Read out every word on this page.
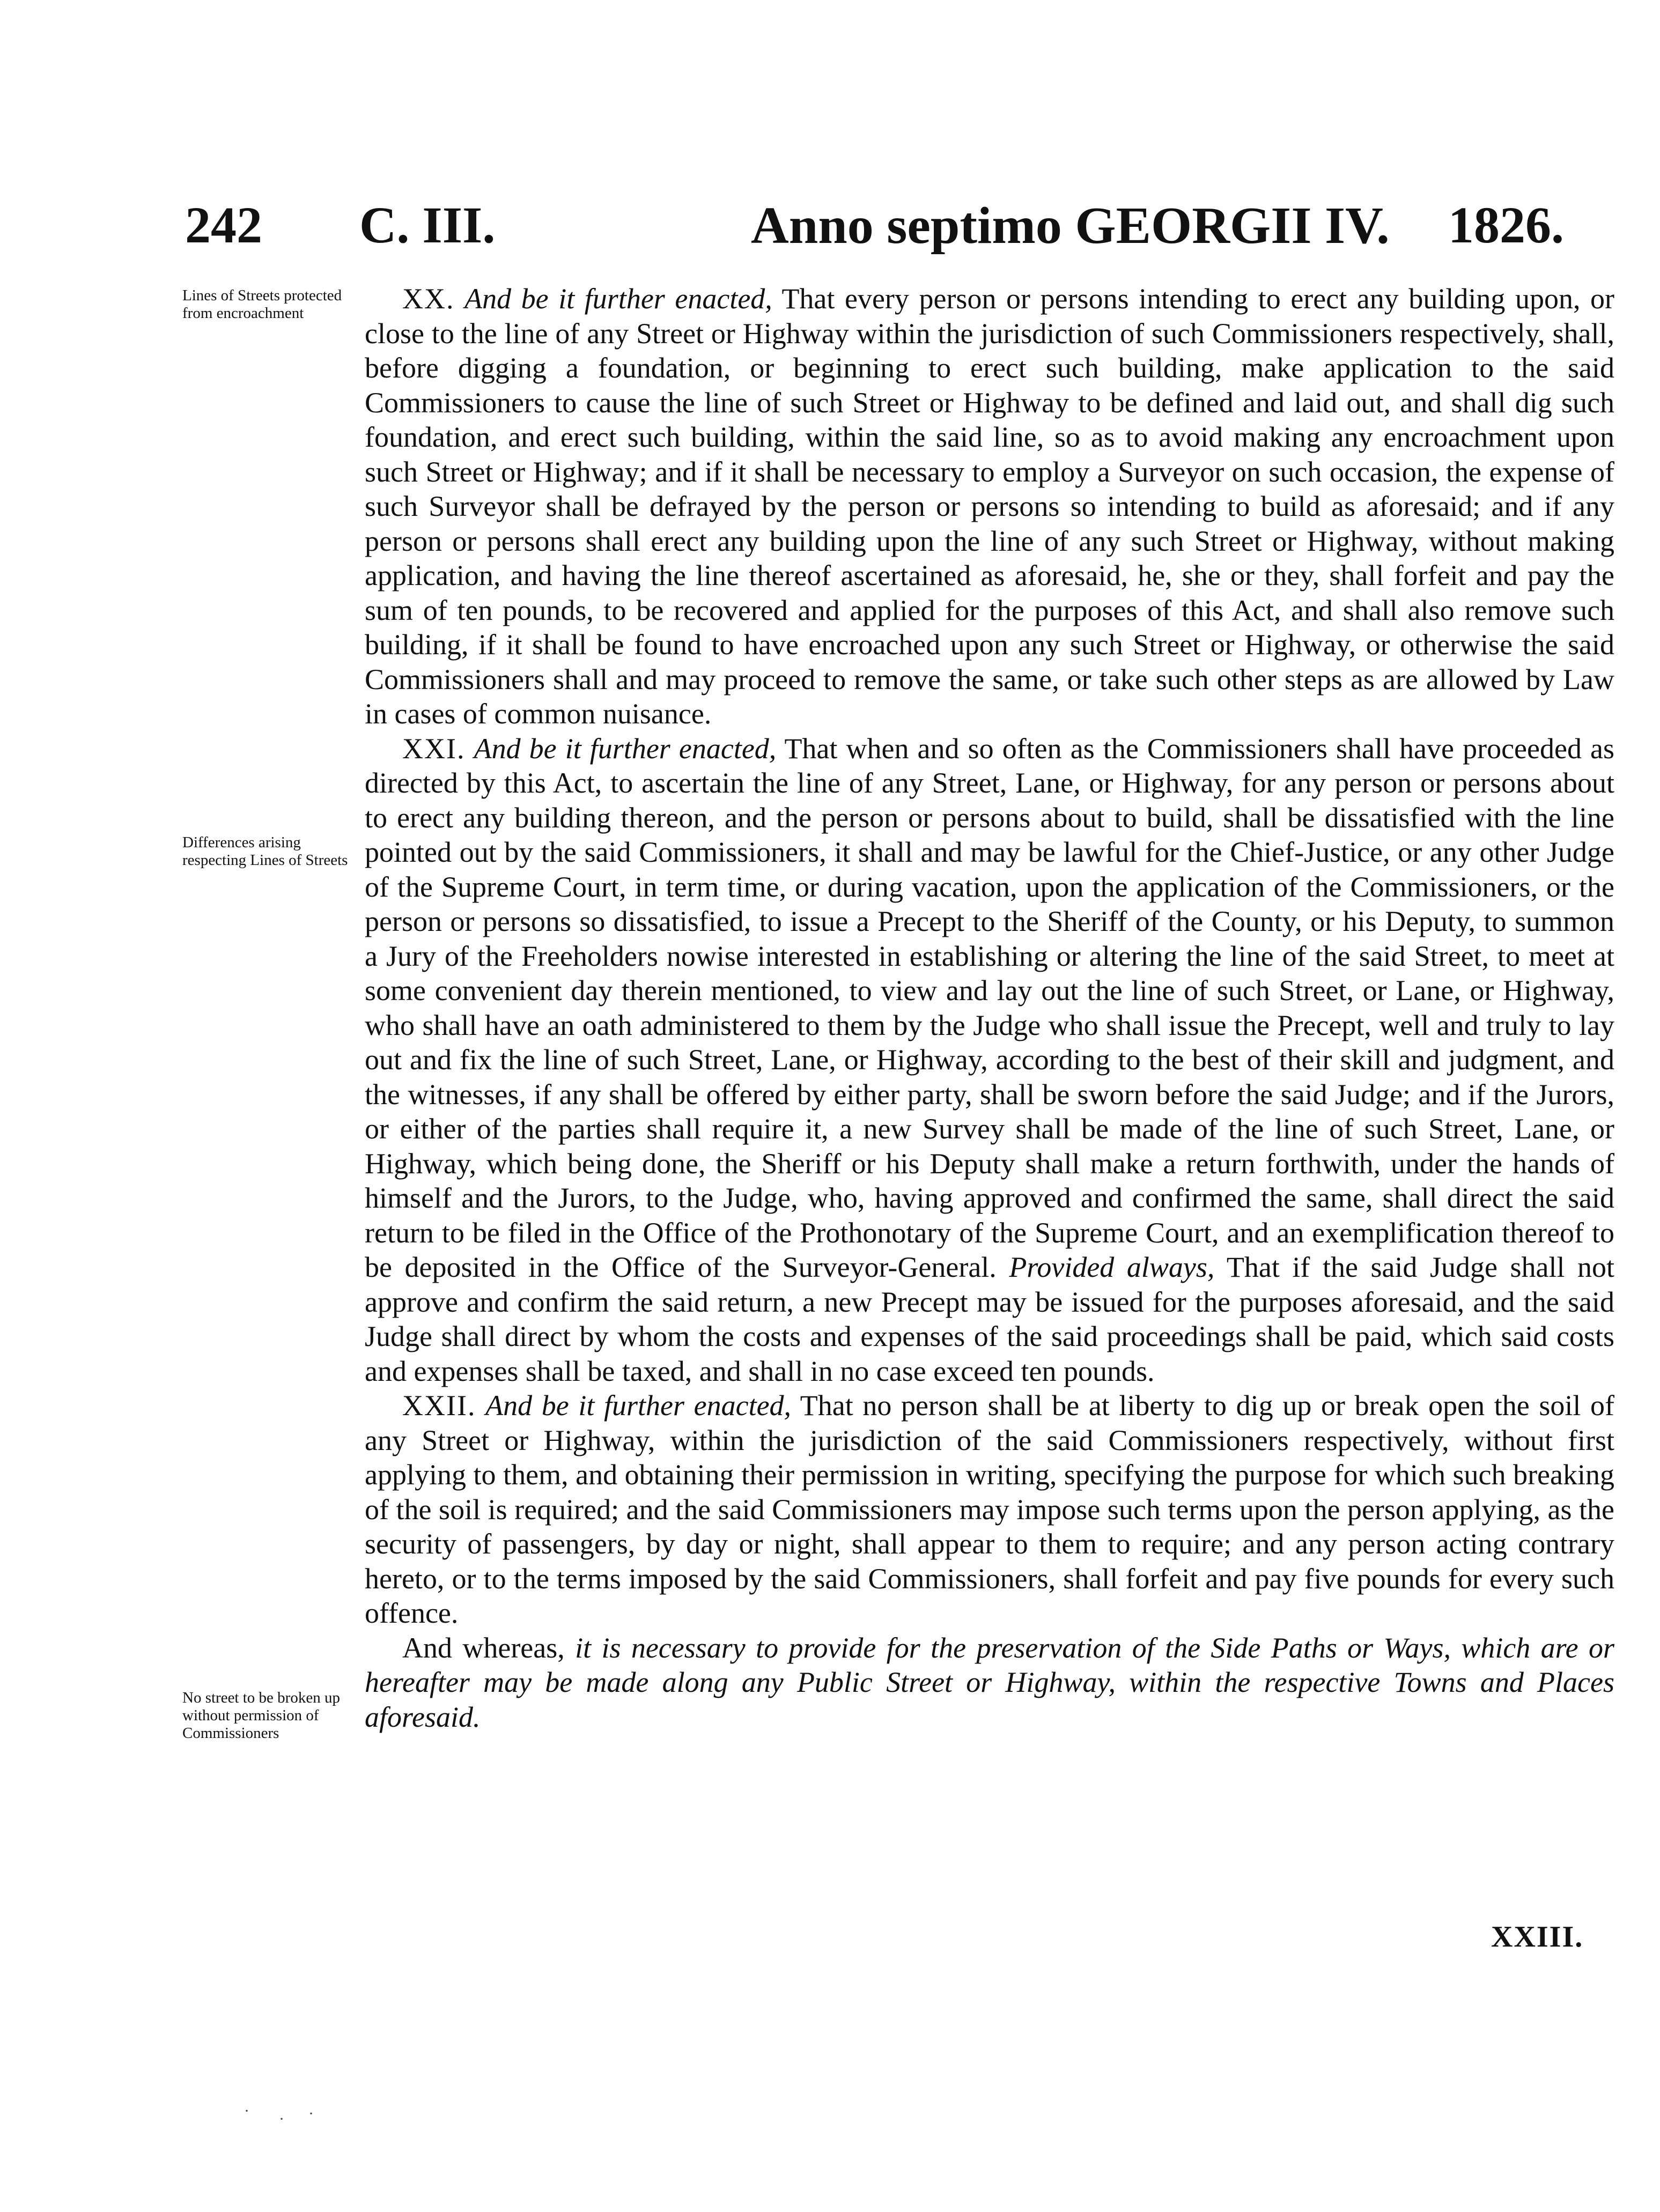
242 C. III.	Anno septimo GEORGII IV. 1826.
Lines of Streets protected from encroachment
Differences arising respecting Lines of Streets
No street to be broken up without permission of Commissioners

XX. And be it further enacted, That every person or persons intending to erect any building upon, or close to the line of any Street or Highway within the jurisdiction of such Commissioners respectively, shall, before digging a foundation, or beginning to erect such building, make application to the said Commissioners to cause the line of such Street or Highway to be defined and laid out, and shall dig such foundation, and erect such building, within the said line, so as to avoid making any encroachment upon such Street or Highway; and if it shall be necessary to employ a Surveyor on such occasion, the expense of such Surveyor shall be defrayed by the person or persons so intending to build as aforesaid; and if any person or persons shall erect any building upon the line of any such Street or Highway, without making application, and having the line thereof ascertained as aforesaid, he, she or they, shall forfeit and pay the sum of ten pounds, to be recovered and applied for the purposes of this Act, and shall also remove such building, if it shall be found to have encroached upon any such Street or Highway, or otherwise the said Commissioners shall and may proceed to remove the same, or take such other steps as are allowed by Law in cases of common nuisance.

XXI. And be it further enacted, That when and so often as the Commissioners shall have proceeded as directed by this Act, to ascertain the line of any Street, Lane, or Highway, for any person or persons about to erect any building thereon, and the person or persons about to build, shall be dissatisfied with the line pointed out by the said Commissioners, it shall and may be lawful for the Chief-Justice, or any other Judge of the Supreme Court, in term time, or during vacation, upon the application of the Commissioners, or the person or persons so dissatisfied, to issue a Precept to the Sheriff of the County, or his Deputy, to summon a Jury of the Freeholders nowise interested in establishing or altering the line of the said Street, to meet at some convenient day therein mentioned, to view and lay out the line of such Street, or Lane, or Highway, who shall have an oath administered to them by the Judge who shall issue the Precept, well and truly to lay out and fix the line of such Street, Lane, or Highway, according to the best of their skill and judgment, and the witnesses, if any shall be offered by either party, shall be sworn before the said Judge; and if the Jurors, or either of the parties shall require it, a new Survey shall be made of the line of such Street, Lane, or Highway, which being done, the Sheriff or his Deputy shall make a return forthwith, under the hands of himself and the Jurors, to the Judge, who, having approved and confirmed the same, shall direct the said return to be filed in the Office of the Prothonotary of the Supreme Court, and an exemplification thereof to be deposited in the Office of the Surveyor-General. Provided always, That if the said Judge shall not approve and confirm the said return, a new Precept may be issued for the purposes aforesaid, and the said Judge shall direct by whom the costs and expenses of the said proceedings shall be paid, which said costs and expenses shall be taxed, and shall in no case exceed ten pounds.

XXII. And be it further enacted, That no person shall be at liberty to dig up or break open the soil of any Street or Highway, within the jurisdiction of the said Commissioners respectively, without first applying to them, and obtaining their permission in writing, specifying the purpose for which such breaking of the soil is required; and the said Commissioners may impose such terms upon the person applying, as the security of passengers, by day or night, shall appear to them to require; and any person acting contrary hereto, or to the terms imposed by the said Commissioners, shall forfeit and pay five pounds for every such offence.

And whereas, it is necessary to provide for the preservation of the Side Paths or Ways, which are or hereafter may be made along any Public Street or Highway, within the respective Towns and Places aforesaid.

XXIII.
· · ·
